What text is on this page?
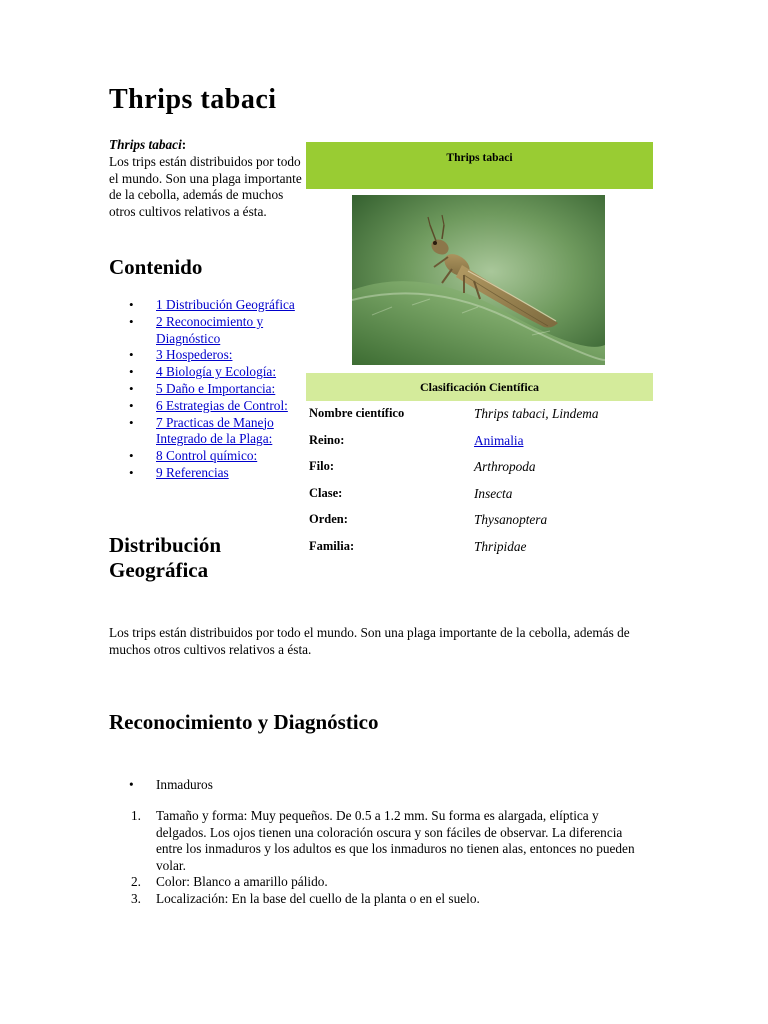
Thrips tabaci
Thrips tabaci:
Los trips están distribuidos por todo el mundo. Son una plaga importante de la cebolla, además de muchos otros cultivos relativos a ésta.
Contenido
• 1 Distribución Geográfica
• 2 Reconocimiento y Diagnóstico
• 3 Hospederos:
• 4 Biología y Ecología:
• 5 Daño e Importancia:
• 6 Estrategias de Control:
• 7 Practicas de Manejo Integrado de la Plaga:
• 8 Control químico:
• 9 Referencias
Distribución Geográfica
Thrips tabaci
Clasificación Científica
Nombre científico	Thrips tabaci, Lindema
Reino:	Animalia
Filo:	Arthropoda
Clase:	Insecta
Orden:	Thysanoptera
Familia:	Thripidae

Los trips están distribuidos por todo el mundo. Son una plaga importante de la cebolla, además de muchos otros cultivos relativos a ésta.

Reconocimiento y Diagnóstico
• Inmaduros
1. Tamaño y forma: Muy pequeños. De 0.5 a 1.2 mm. Su forma es alargada, elíptica y delgados. Los ojos tienen una coloración oscura y son fáciles de observar. La diferencia entre los inmaduros y los adultos es que los inmaduros no tienen alas, entonces no pueden volar.
2. Color: Blanco a amarillo pálido.
3. Localización: En la base del cuello de la planta o en el suelo.
